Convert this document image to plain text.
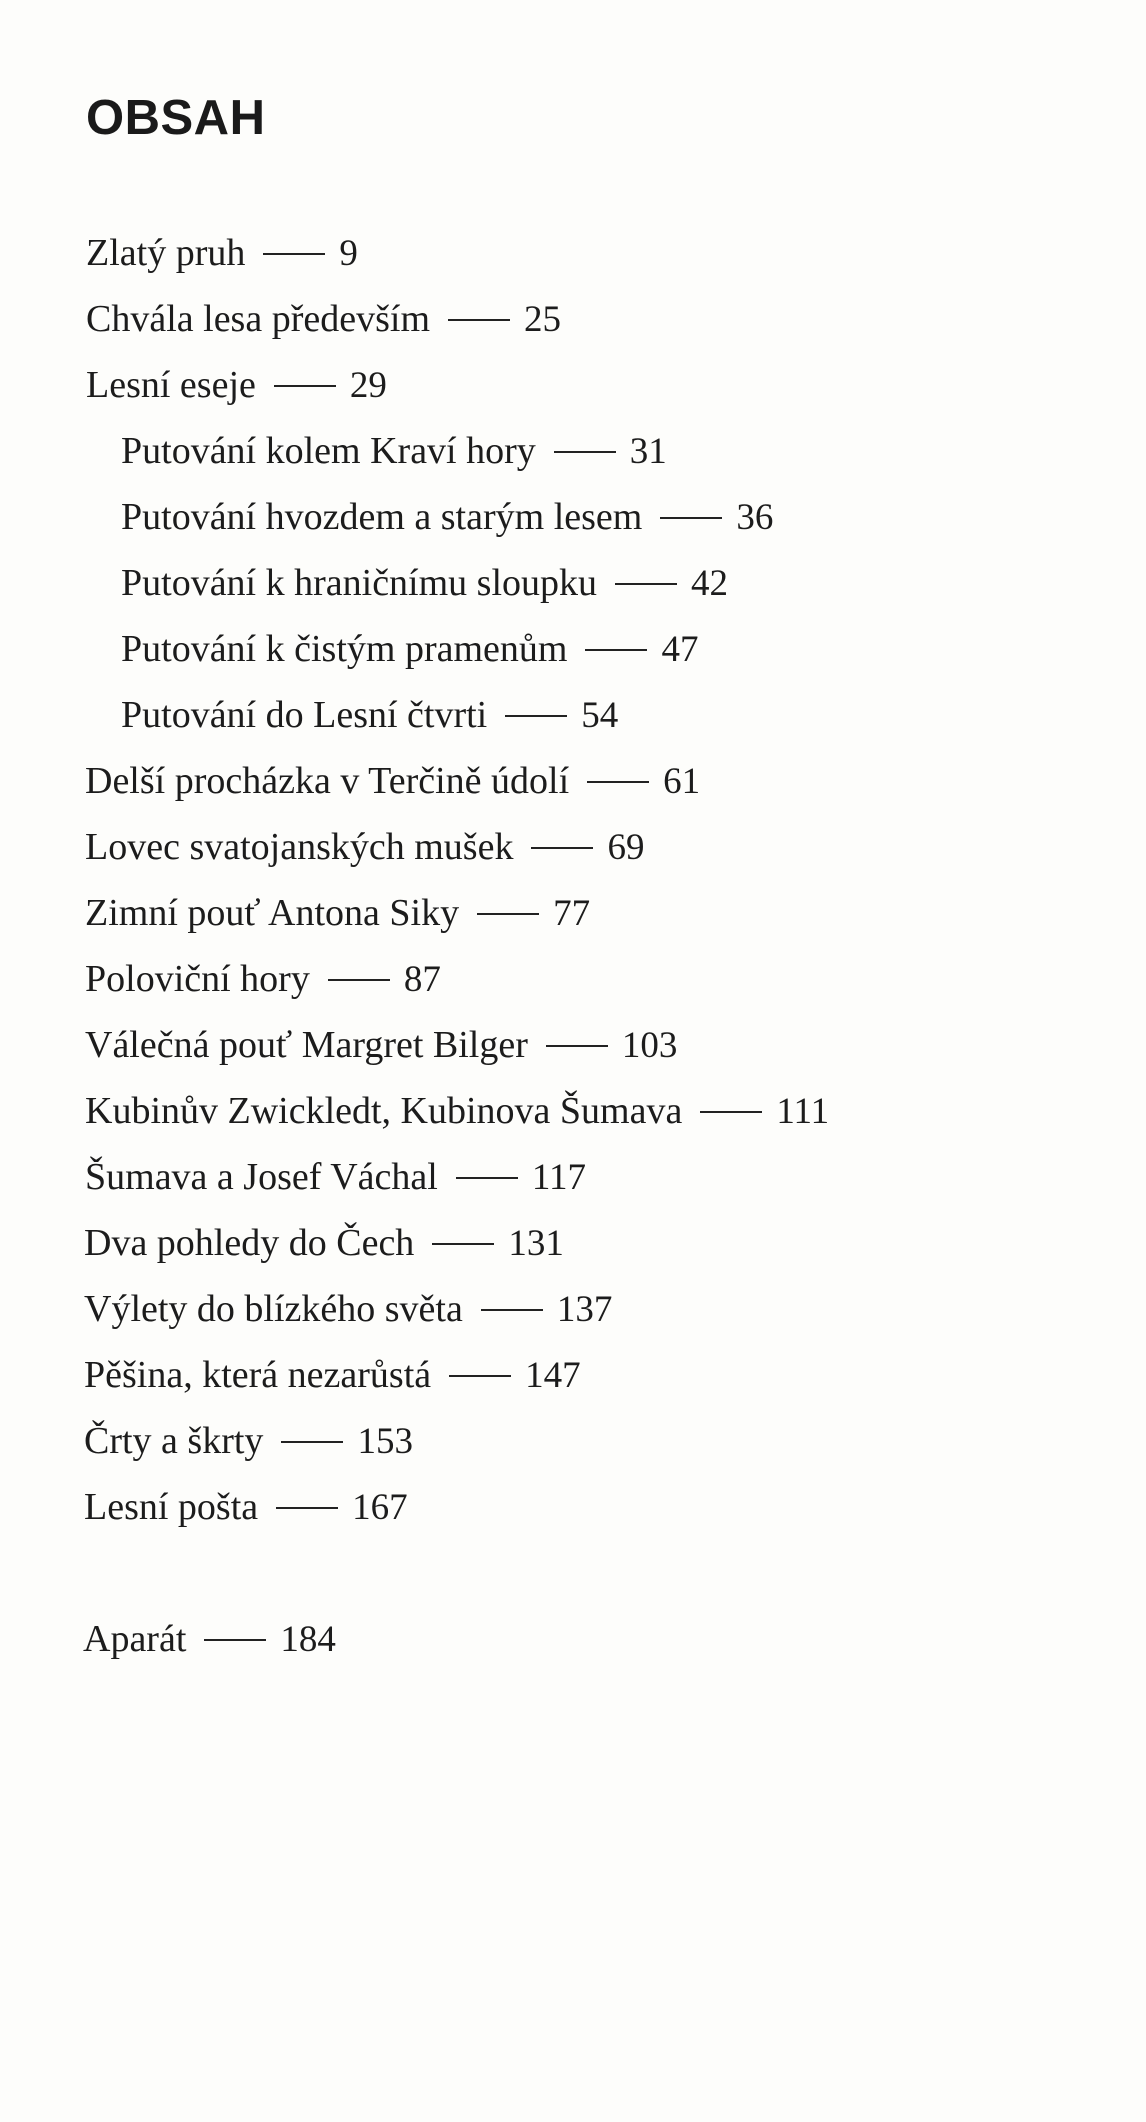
OBSAH
Zlatý pruh	9
Chvála lesa především	25
Lesní eseje	29
Putování kolem Kraví hory	31
Putování hvozdem a starým lesem	36
Putování k hraničnímu sloupku	42
Putování k čistým pramenům	47
Putování do Lesní čtvrti	54
Delší procházka v Terčině údolí	61
Lovec svatojanských mušek	69
Zimní pouť Antona Siky	77
Poloviční hory	87
Válečná pouť Margret Bilger	103
Kubinův Zwickledt, Kubinova Šumava	111
Šumava a Josef Váchal	117
Dva pohledy do Čech	131
Výlety do blízkého světa	137
Pěšina, která nezarůstá	147
Črty a škrty	153
Lesní pošta	167
Aparát	184
